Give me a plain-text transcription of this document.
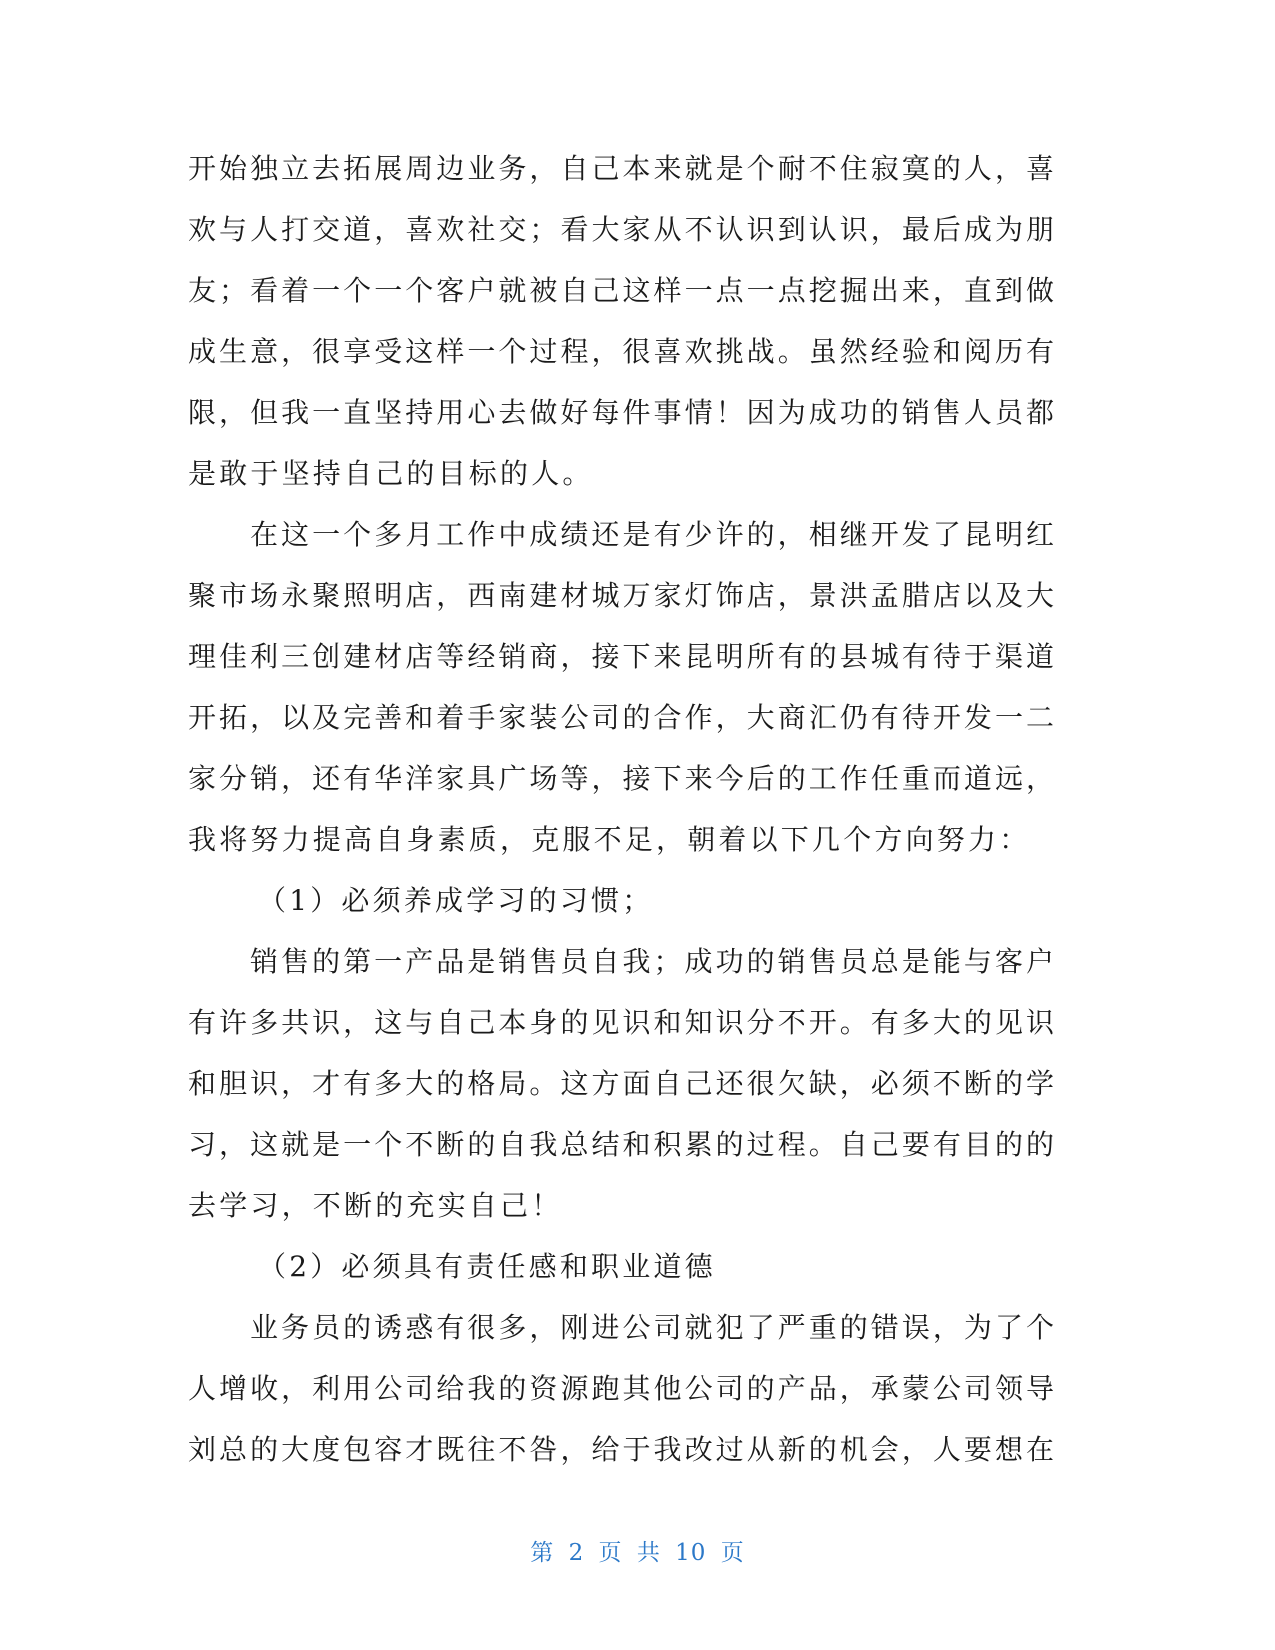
开始独立去拓展周边业务，自己本来就是个耐不住寂寞的人，喜
欢与人打交道，喜欢社交；看大家从不认识到认识，最后成为朋
友；看着一个一个客户就被自己这样一点一点挖掘出来，直到做
成生意，很享受这样一个过程，很喜欢挑战。虽然经验和阅历有
限，但我一直坚持用心去做好每件事情！因为成功的销售人员都
是敢于坚持自己的目标的人。
在这一个多月工作中成绩还是有少许的，相继开发了昆明红
聚市场永聚照明店，西南建材城万家灯饰店，景洪孟腊店以及大
理佳利三创建材店等经销商，接下来昆明所有的县城有待于渠道
开拓，以及完善和着手家装公司的合作，大商汇仍有待开发一二
家分销，还有华洋家具广场等，接下来今后的工作任重而道远，
我将努力提高自身素质，克服不足，朝着以下几个方向努力：
（1）必须养成学习的习惯；
销售的第一产品是销售员自我；成功的销售员总是能与客户
有许多共识，这与自己本身的见识和知识分不开。有多大的见识
和胆识，才有多大的格局。这方面自己还很欠缺，必须不断的学
习，这就是一个不断的自我总结和积累的过程。自己要有目的的
去学习，不断的充实自己！
（2）必须具有责任感和职业道德
业务员的诱惑有很多，刚进公司就犯了严重的错误，为了个
人增收，利用公司给我的资源跑其他公司的产品，承蒙公司领导
刘总的大度包容才既往不咎，给于我改过从新的机会，人要想在
第 2 页 共 10 页
